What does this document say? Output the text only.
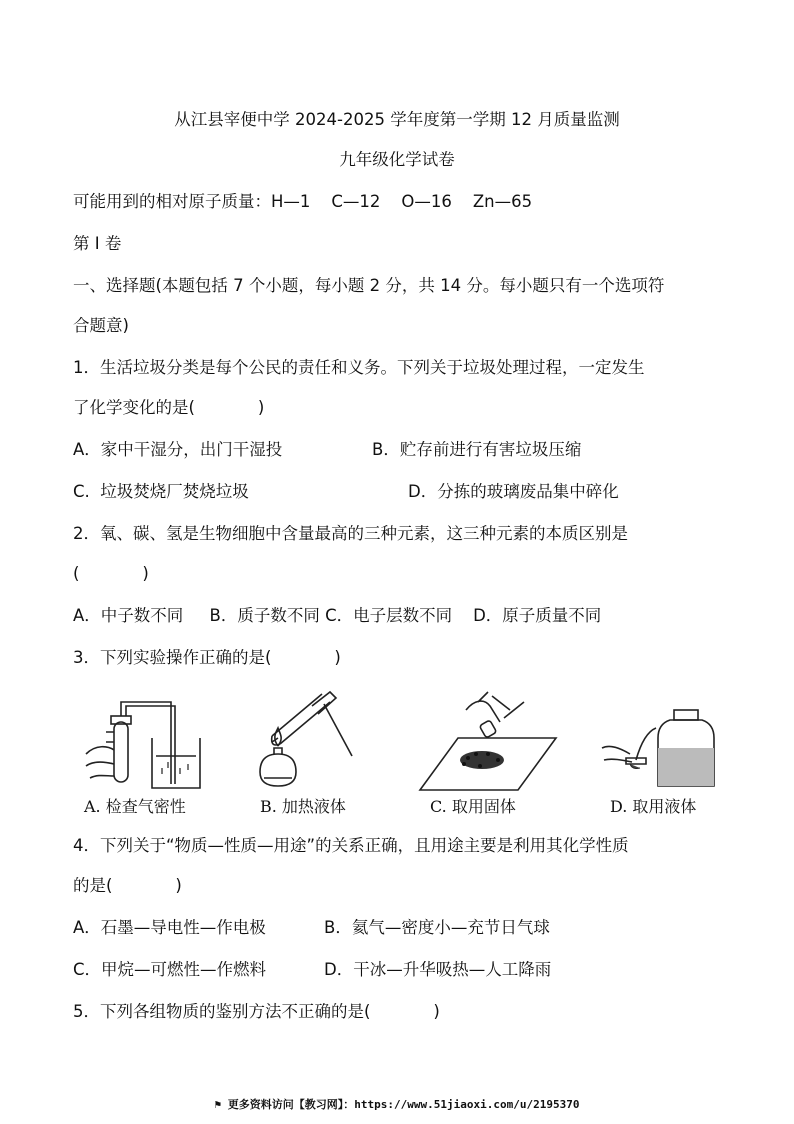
从江县宰便中学 2024-2025 学年度第一学期 12 月质量监测
九年级化学试卷
可能用到的相对原子质量：H—1    C—12    O—16    Zn—65
第 I 卷
一、选择题(本题包括 7 个小题，每小题 2 分，共 14 分。每小题只有一个选项符
合题意)
1．生活垃圾分类是每个公民的责任和义务。下列关于垃圾处理过程，一定发生
了化学变化的是(            )
A．家中干湿分，出门干湿投	B．贮存前进行有害垃圾压缩
C.  垃圾焚烧厂焚烧垃圾	D．分拣的玻璃废品集中碎化
2．氧、碳、氢是生物细胞中含量最高的三种元素，这三种元素的本质区别是
(            )
A．中子数不同     B．质子数不同 C．电子层数不同    D．原子质量不同
3．下列实验操作正确的是(            )
A. 检查气密性	B. 加热液体	C. 取用固体	D. 取用液体
4．下列关于“物质—性质—用途”的关系正确，且用途主要是利用其化学性质
的是(            )
A．石墨—导电性—作电极	B．氦气—密度小—充节日气球
C．甲烷—可燃性—作燃料	D．干冰—升华吸热—人工降雨
5．下列各组物质的鉴别方法不正确的是(            )
⚑ 更多资料访问【教习网】：https://www.51jiaoxi.com/u/2195370
